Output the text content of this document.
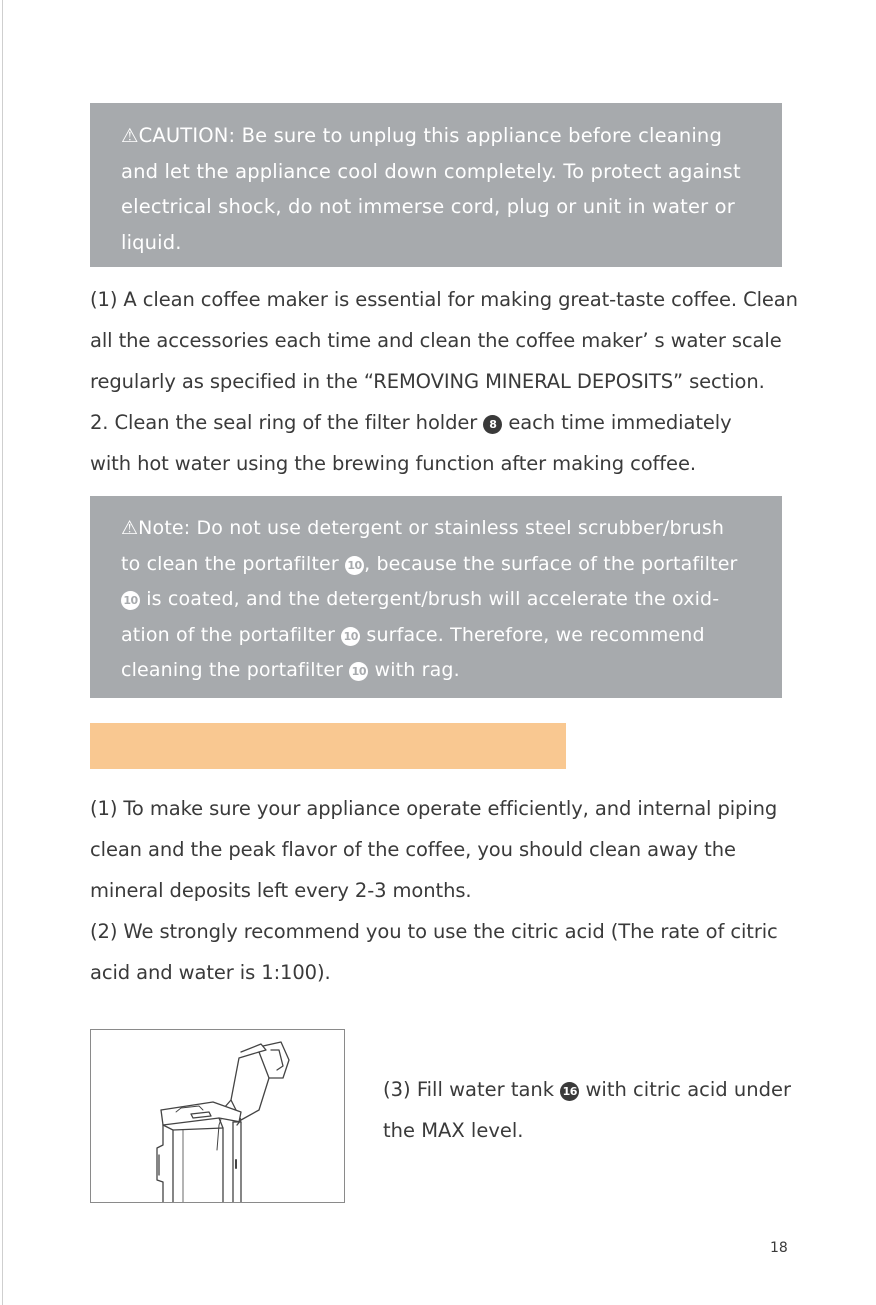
⚠CAUTION: Be sure to unplug this appliance before cleaning

and let the appliance cool down completely. To protect against

electrical shock, do not immerse cord, plug or unit in water or

liquid.

(1) A clean coffee maker is essential for making great-taste coffee. Clean

all the accessories each time and clean the coffee maker’ s water scale

regularly as specified in the “REMOVING MINERAL DEPOSITS” section.

2. Clean the seal ring of the filter holder 8 each time immediately

with hot water using the brewing function after making coffee.

⚠Note: Do not use detergent or stainless steel scrubber/brush

to clean the portafilter 10 , because the surface of the portafilter

10 is coated, and the detergent/brush will accelerate the oxid-

ation of the portafilter 10 surface. Therefore, we recommend

cleaning the portafilter 10 with rag.

(1) To make sure your appliance operate efficiently, and internal piping

clean and the peak flavor of the coffee, you should clean away the

mineral deposits left every 2-3 months.

(2) We strongly recommend you to use the citric acid (The rate of citric

acid and water is 1:100).

(3) Fill water tank 16 with citric acid under

the MAX level.

18
